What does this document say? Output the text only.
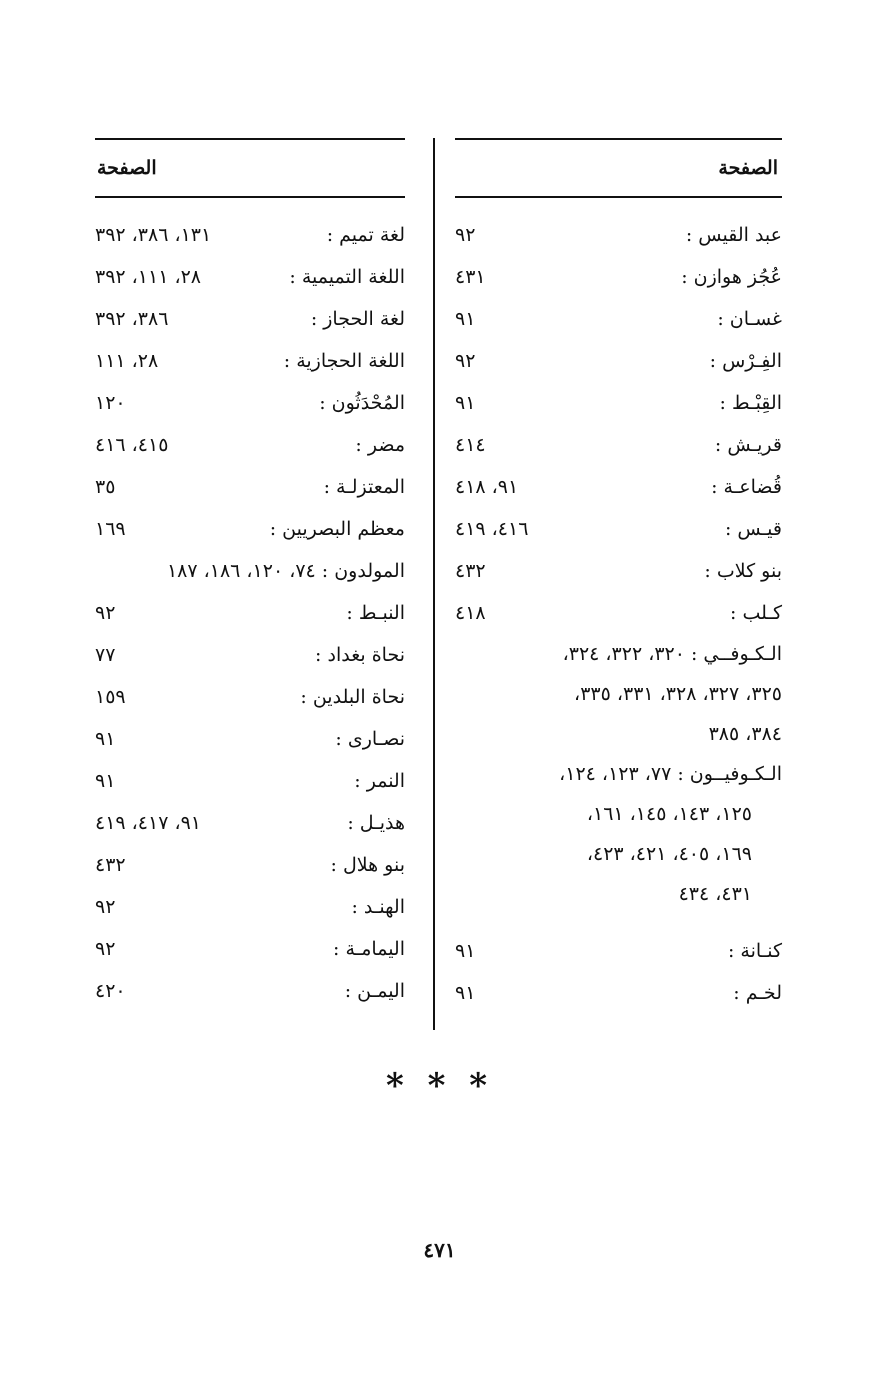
الصفحة
عبد القيس :
٩٢
عُجُز هوازن :
٤٣١
غسـان :
٩١
الفِـرْس :
٩٢
القِبْـط :
٩١
قريـش :
٤١٤
قُضاعـة :
٩١، ٤١٨
قيـس :
٤١٦، ٤١٩
بنو كلاب :
٤٣٢
كـلب :
٤١٨
الـكـوفــي : ٣٢٠، ٣٢٢، ٣٢٤،
٣٢٥، ٣٢٧، ٣٢٨، ٣٣١، ٣٣٥،
٣٨٤، ٣٨٥
الـكـوفيــون : ٧٧، ١٢٣، ١٢٤،
١٢٥، ١٤٣، ١٤٥، ١٦١،
١٦٩، ٤٠٥، ٤٢١، ٤٢٣،
٤٣١، ٤٣٤
كنـانة :
٩١
لخـم :
٩١
الصفحة
لغة تميم :
١٣١، ٣٨٦، ٣٩٢
اللغة التميمية :
٢٨، ١١١، ٣٩٢
لغة الحجاز :
٣٨٦، ٣٩٢
اللغة الحجازية :
٢٨، ١١١
المُحْدَثُون :
١٢٠
مضر :
٤١٥، ٤١٦
المعتزلـة :
٣٥
معظم البصريين :
١٦٩
المولدون : ٧٤، ١٢٠، ١٨٦، ١٨٧
النبـط :
٩٢
نحاة بغداد :
٧٧
نحاة البلدين :
١٥٩
نصـارى :
٩١
النمر :
٩١
هذيـل :
٩١، ٤١٧، ٤١٩
بنو هلال :
٤٣٢
الهنـد :
٩٢
اليمامـة :
٩٢
اليمـن :
٤٢٠
* * *
٤٧١
